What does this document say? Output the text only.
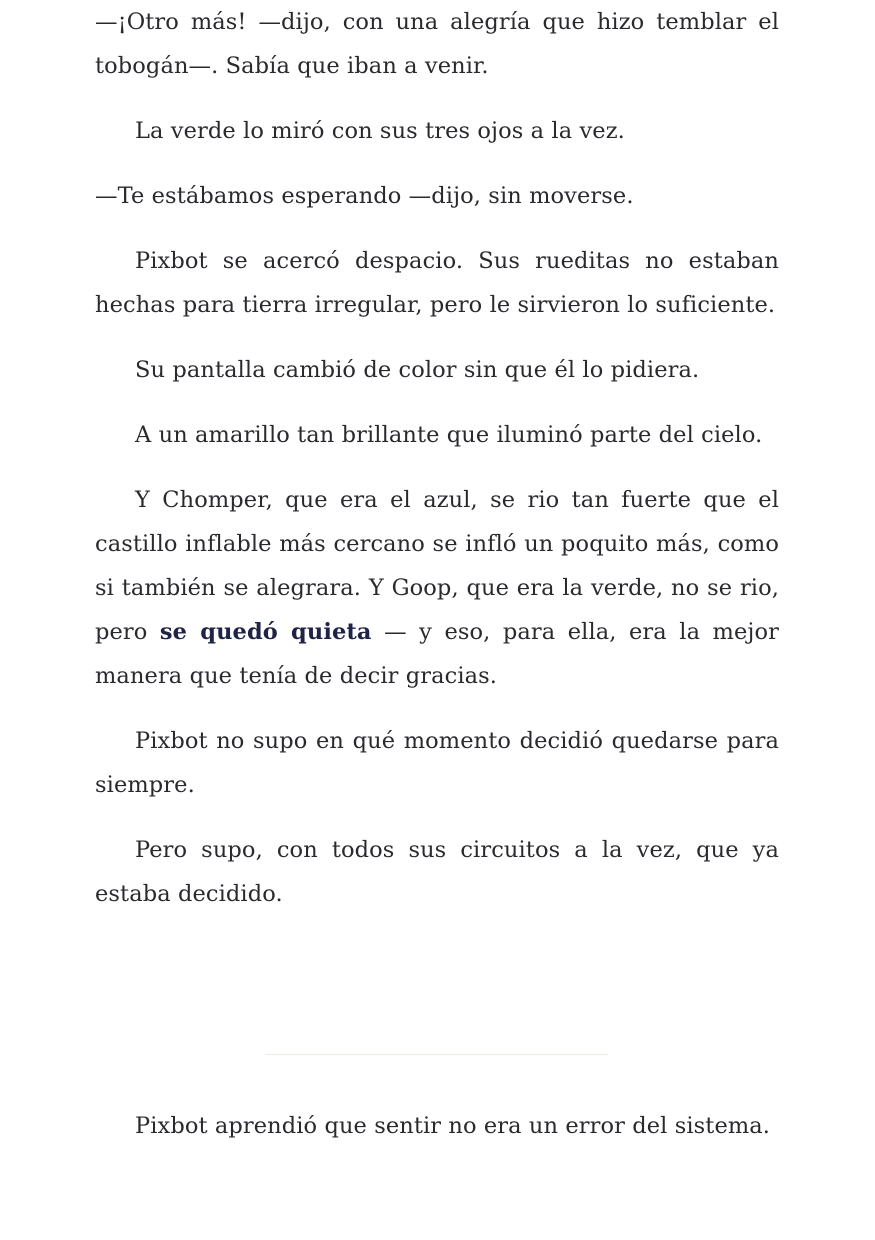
—¡Otro más! —dijo, con una alegría que hizo temblar el tobogán—. Sabía que iban a venir.

La verde lo miró con sus tres ojos a la vez.

—Te estábamos esperando —dijo, sin moverse.

Pixbot se acercó despacio. Sus rueditas no estaban hechas para tierra irregular, pero le sirvieron lo suficiente.

Su pantalla cambió de color sin que él lo pidiera.

A un amarillo tan brillante que iluminó parte del cielo.

Y Chomper, que era el azul, se rio tan fuerte que el castillo inflable más cercano se infló un poquito más, como si también se alegrara. Y Goop, que era la verde, no se rio, pero se quedó quieta — y eso, para ella, era la mejor manera que tenía de decir gracias.

Pixbot no supo en qué momento decidió quedarse para siempre.

Pero supo, con todos sus circuitos a la vez, que ya estaba decidido.

Pixbot aprendió que sentir no era un error del sistema.
